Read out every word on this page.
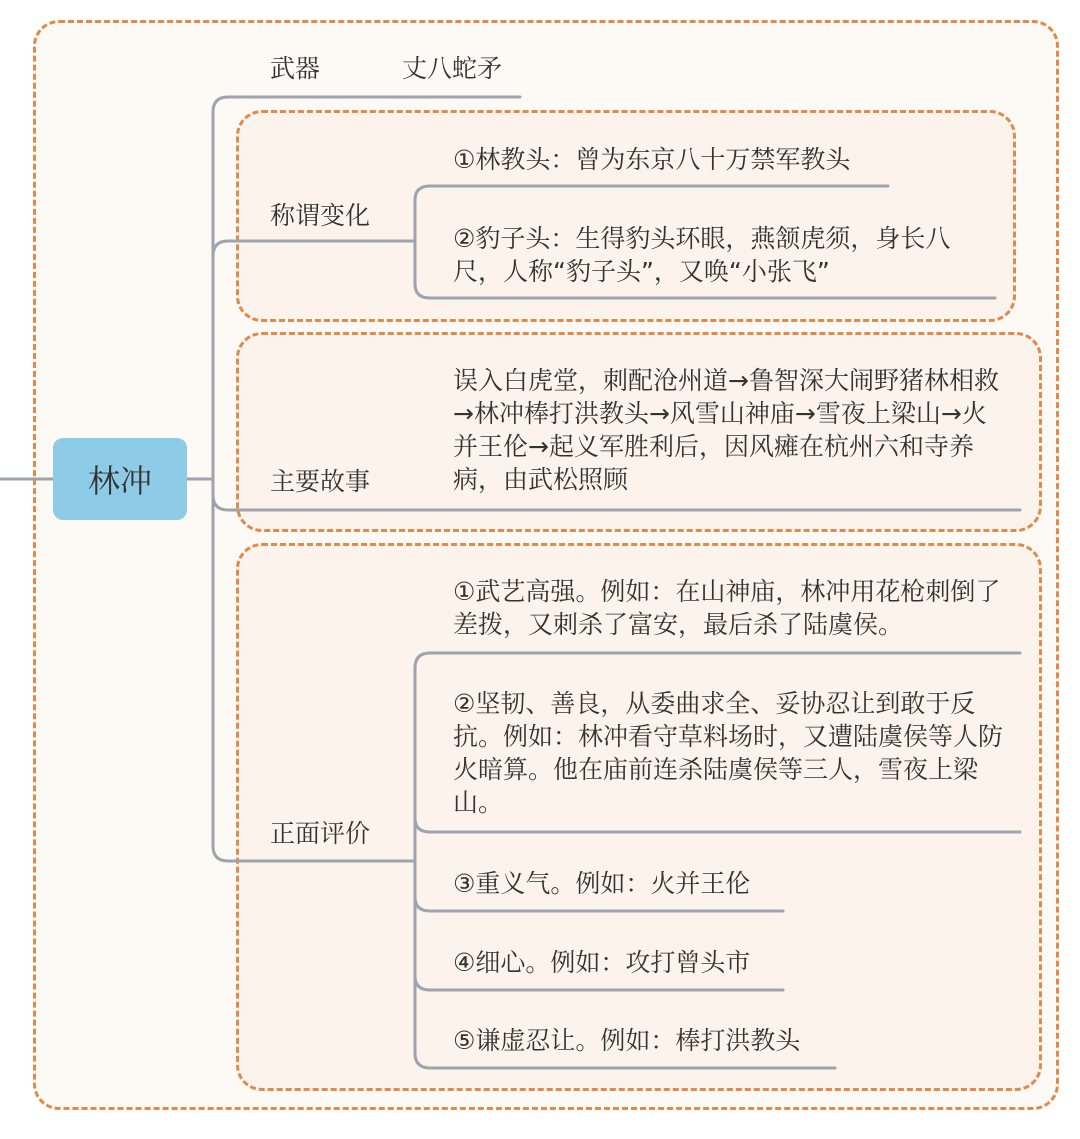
林冲
武器	丈八蛇矛
称谓变化
①林教头：曾为东京八十万禁军教头
②豹子头：生得豹头环眼，燕颔虎须，身长八尺，人称“豹子头”，又唤“小张飞”
主要故事
误入白虎堂，刺配沧州道→鲁智深大闹野猪林相救→林冲棒打洪教头→风雪山神庙→雪夜上梁山→火并王伦→起义军胜利后，因风瘫在杭州六和寺养病，由武松照顾
正面评价
①武艺高强。例如：在山神庙，林冲用花枪刺倒了差拨，又刺杀了富安，最后杀了陆虞侯。
②坚韧、善良，从委曲求全、妥协忍让到敢于反抗。例如：林冲看守草料场时，又遭陆虞侯等人防火暗算。他在庙前连杀陆虞侯等三人，雪夜上梁山。
③重义气。例如：火并王伦
④细心。例如：攻打曾头市
⑤谦虚忍让。例如：棒打洪教头
